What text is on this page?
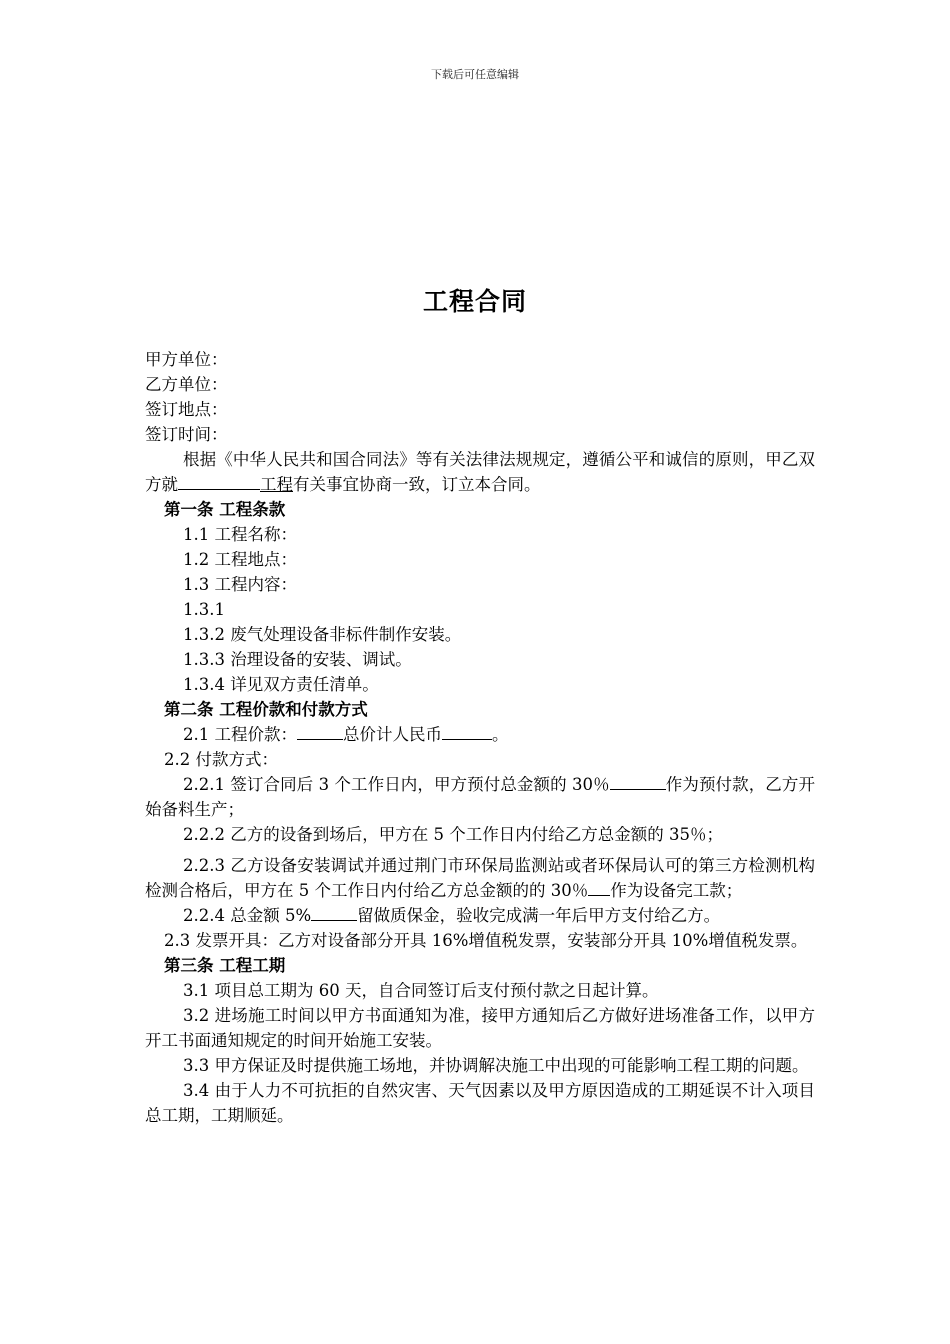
下载后可任意编辑
工程合同

甲方单位：

乙方单位：

签订地点：

签订时间：

根据《中华人民共和国合同法》等有关法律法规规定，遵循公平和诚信的原则，甲乙双方就	工程有关事宜协商一致，订立本合同。

第一条 工程条款

1.1 工程名称：

1.2 工程地点：

1.3 工程内容：

1.3.1

1.3.2 废气处理设备非标件制作安装。

1.3.3 治理设备的安装、调试。

1.3.4 详见双方责任清单。

第二条 工程价款和付款方式

2.1 工程价款：	总价计人民币	。

2.2 付款方式：

2.2.1 签订合同后 3 个工作日内，甲方预付总金额的 30％	作为预付款，乙方开始备料生产；

2.2.2 乙方的设备到场后，甲方在 5 个工作日内付给乙方总金额的 35％；

2.2.3 乙方设备安装调试并通过荆门市环保局监测站或者环保局认可的第三方检测机构检测合格后，甲方在 5 个工作日内付给乙方总金额的的 30％ 作为设备完工款；

2.2.4 总金额 5%	留做质保金，验收完成满一年后甲方支付给乙方。

2.3 发票开具：乙方对设备部分开具 16%增值税发票，安装部分开具 10%增值税发票。

第三条 工程工期

3.1 项目总工期为 60 天，自合同签订后支付预付款之日起计算。

3.2 进场施工时间以甲方书面通知为准，接甲方通知后乙方做好进场准备工作，以甲方开工书面通知规定的时间开始施工安装。

3.3 甲方保证及时提供施工场地，并协调解决施工中出现的可能影响工程工期的问题。

3.4 由于人力不可抗拒的自然灾害、天气因素以及甲方原因造成的工期延误不计入项目总工期，工期顺延。
